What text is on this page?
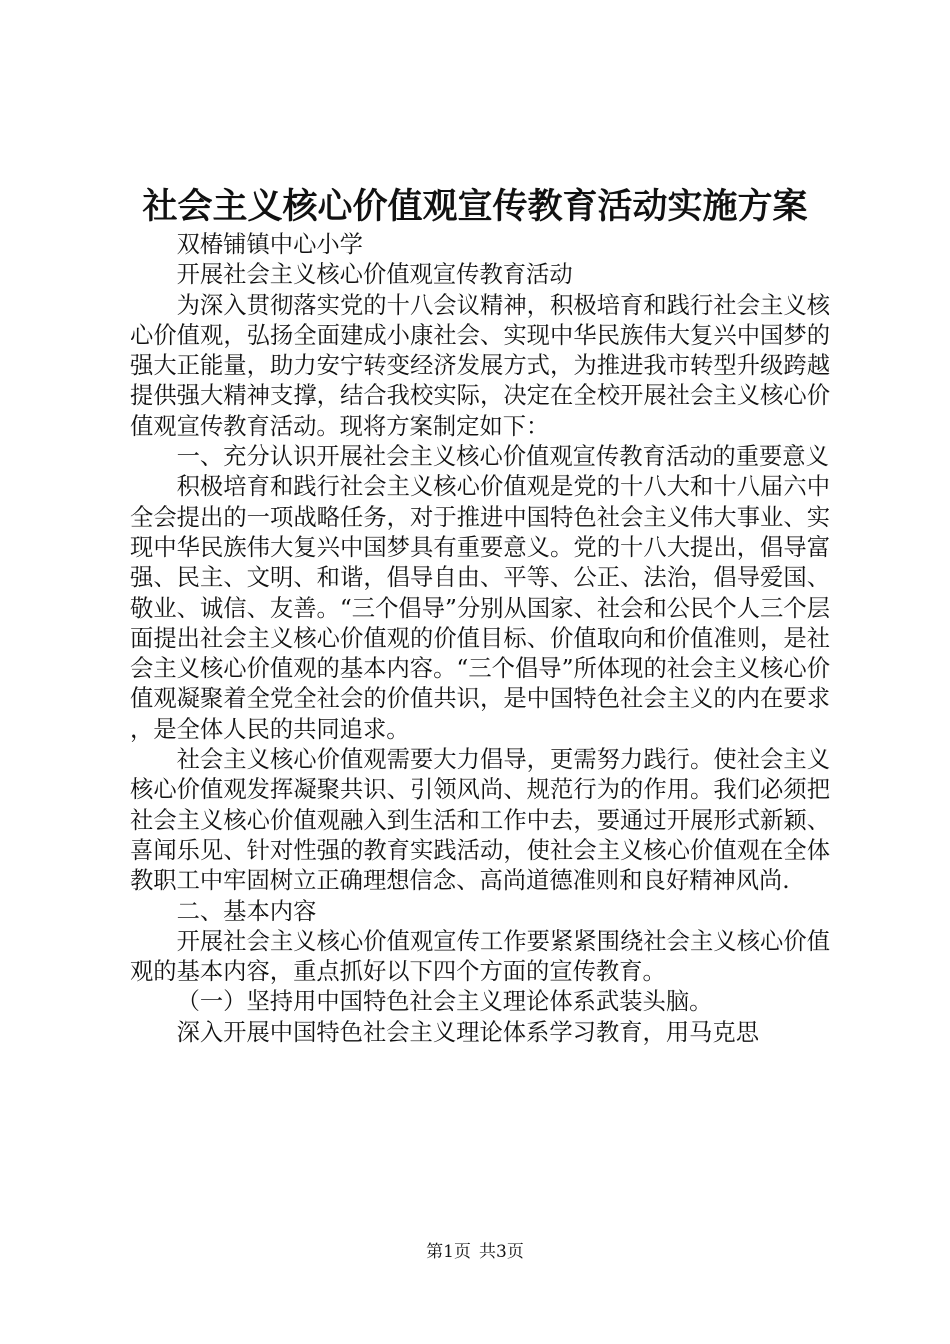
社会主义核心价值观宣传教育活动实施方案

双椿铺镇中心小学

开展社会主义核心价值观宣传教育活动

为深入贯彻落实党的十八会议精神，积极培育和践行社会主义核心价值观，弘扬全面建成小康社会、实现中华民族伟大复兴中国梦的强大正能量，助力安宁转变经济发展方式，为推进我市转型升级跨越提供强大精神支撑，结合我校实际，决定在全校开展社会主义核心价值观宣传教育活动。现将方案制定如下：

一、充分认识开展社会主义核心价值观宣传教育活动的重要意义

积极培育和践行社会主义核心价值观是党的十八大和十八届六中全会提出的一项战略任务，对于推进中国特色社会主义伟大事业、实现中华民族伟大复兴中国梦具有重要意义。党的十八大提出，倡导富强、民主、文明、和谐，倡导自由、平等、公正、法治，倡导爱国、敬业、诚信、友善。“三个倡导”分别从国家、社会和公民个人三个层面提出社会主义核心价值观的价值目标、价值取向和价值准则，是社会主义核心价值观的基本内容。“三个倡导”所体现的社会主义核心价值观凝聚着全党全社会的价值共识，是中国特色社会主义的内在要求，是全体人民的共同追求。

社会主义核心价值观需要大力倡导，更需努力践行。使社会主义核心价值观发挥凝聚共识、引领风尚、规范行为的作用。我们必须把社会主义核心价值观融入到生活和工作中去，要通过开展形式新颖、喜闻乐见、针对性强的教育实践活动，使社会主义核心价值观在全体教职工中牢固树立正确理想信念、高尚道德准则和良好精神风尚.

二、基本内容

开展社会主义核心价值观宣传工作要紧紧围绕社会主义核心价值观的基本内容，重点抓好以下四个方面的宣传教育。

（一）坚持用中国特色社会主义理论体系武装头脑。

深入开展中国特色社会主义理论体系学习教育，用马克思

第1页 共3页
